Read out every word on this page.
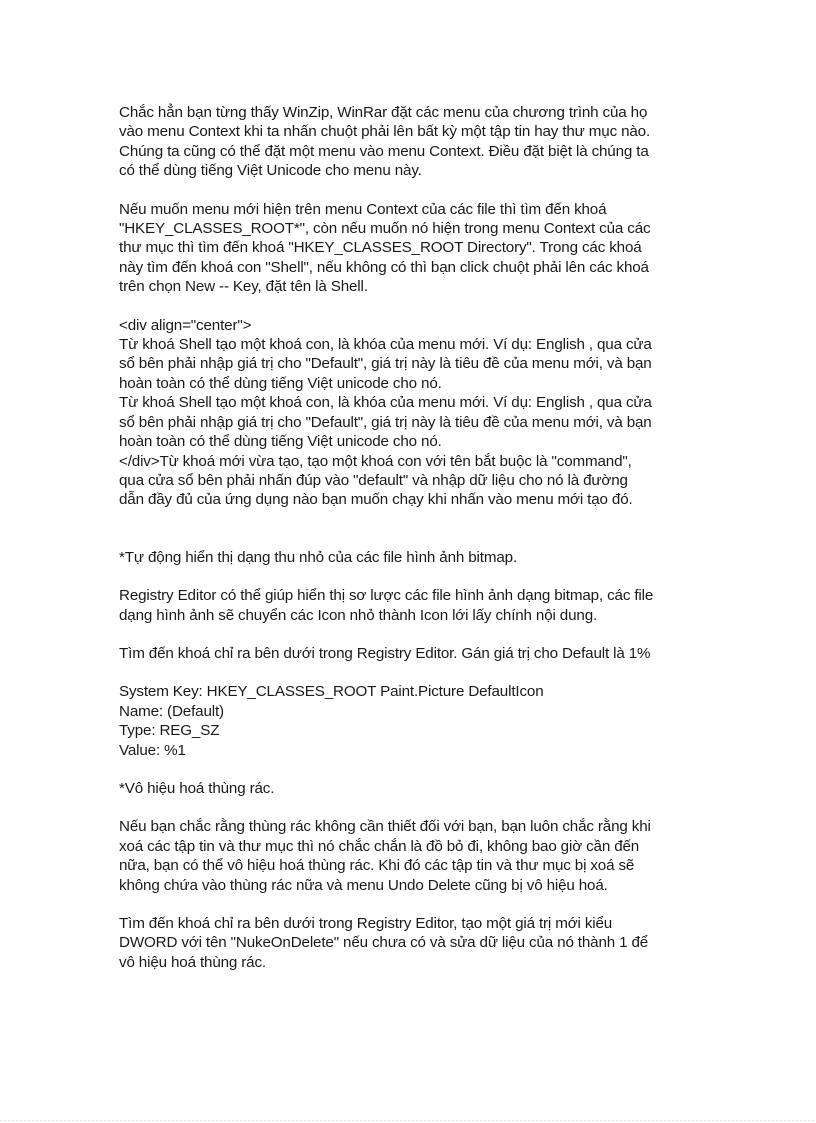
Chắc hẳn bạn từng thấy WinZip, WinRar đặt các menu của chương trình của họ
vào menu Context khi ta nhấn chuột phải lên bất kỳ một tập tin hay thư mục nào.
Chúng ta cũng có thể đặt một menu vào menu Context. Điều đặt biệt là chúng ta
có thể dùng tiếng Việt Unicode cho menu này.

Nếu muốn menu mới hiện trên menu Context của các file thì tìm đến khoá
"HKEY_CLASSES_ROOT*", còn nếu muốn nó hiện trong menu Context của các
thư mục thì tìm đến khoá "HKEY_CLASSES_ROOT Directory". Trong các khoá
này tìm đến khoá con "Shell", nếu không có thì bạn click chuột phải lên các khoá
trên chọn New -- Key, đặt tên là Shell.

<div align="center">
Từ khoá Shell tạo một khoá con, là khóa của menu mới. Ví dụ: English , qua cửa
sổ bên phải nhập giá trị cho "Default", giá trị này là tiêu đề của menu mới, và bạn
hoàn toàn có thể dùng tiếng Việt unicode cho nó.
Từ khoá Shell tạo một khoá con, là khóa của menu mới. Ví dụ: English , qua cửa
sổ bên phải nhập giá trị cho "Default", giá trị này là tiêu đề của menu mới, và bạn
hoàn toàn có thể dùng tiếng Việt unicode cho nó.
</div>Từ khoá mới vừa tạo, tạo một khoá con với tên bắt buộc là "command",
qua cửa sổ bên phải nhấn đúp vào "default" và nhập dữ liệu cho nó là đường
dẫn đầy đủ của ứng dụng nào bạn muốn chạy khi nhấn vào menu mới tạo đó.

*Tự động hiển thị dạng thu nhỏ của các file hình ảnh bitmap.

Registry Editor có thể giúp hiển thị sơ lược các file hình ảnh dạng bitmap, các file
dạng hình ảnh sẽ chuyển các Icon nhỏ thành Icon lới lấy chính nội dung.

Tìm đến khoá chỉ ra bên dưới trong Registry Editor. Gán giá trị cho Default là 1%

System Key: HKEY_CLASSES_ROOT Paint.Picture DefaultIcon
Name: (Default)
Type: REG_SZ
Value: %1

*Vô hiệu hoá thùng rác.

Nếu bạn chắc rằng thùng rác không cần thiết đối với bạn, bạn luôn chắc rằng khi
xoá các tập tin và thư mục thì nó chắc chắn là đồ bỏ đi, không bao giờ cần đến
nữa, bạn có thể vô hiệu hoá thùng rác. Khi đó các tập tin và thư mục bị xoá sẽ
không chứa vào thùng rác nữa và menu Undo Delete cũng bị vô hiệu hoá.

Tìm đến khoá chỉ ra bên dưới trong Registry Editor, tạo một giá trị mới kiểu
DWORD với tên "NukeOnDelete" nếu chưa có và sửa dữ liệu của nó thành 1 để
vô hiệu hoá thùng rác.
